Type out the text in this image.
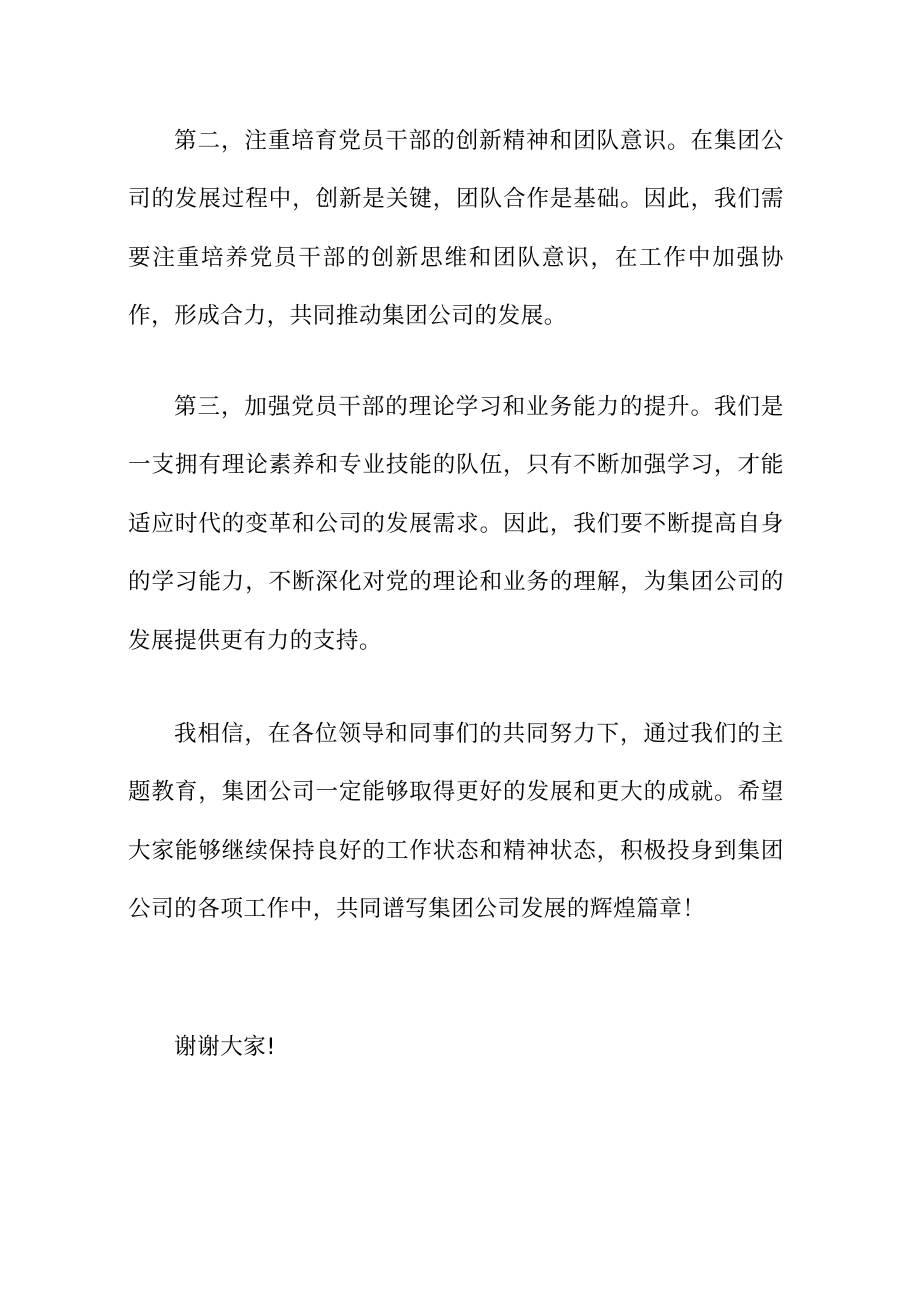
第二，注重培育党员干部的创新精神和团队意识。在集团公司的发展过程中，创新是关键，团队合作是基础。因此，我们需要注重培养党员干部的创新思维和团队意识，在工作中加强协作，形成合力，共同推动集团公司的发展。

第三，加强党员干部的理论学习和业务能力的提升。我们是一支拥有理论素养和专业技能的队伍，只有不断加强学习，才能适应时代的变革和公司的发展需求。因此，我们要不断提高自身的学习能力，不断深化对党的理论和业务的理解，为集团公司的发展提供更有力的支持。

我相信，在各位领导和同事们的共同努力下，通过我们的主题教育，集团公司一定能够取得更好的发展和更大的成就。希望大家能够继续保持良好的工作状态和精神状态，积极投身到集团公司的各项工作中，共同谱写集团公司发展的辉煌篇章！

谢谢大家!
